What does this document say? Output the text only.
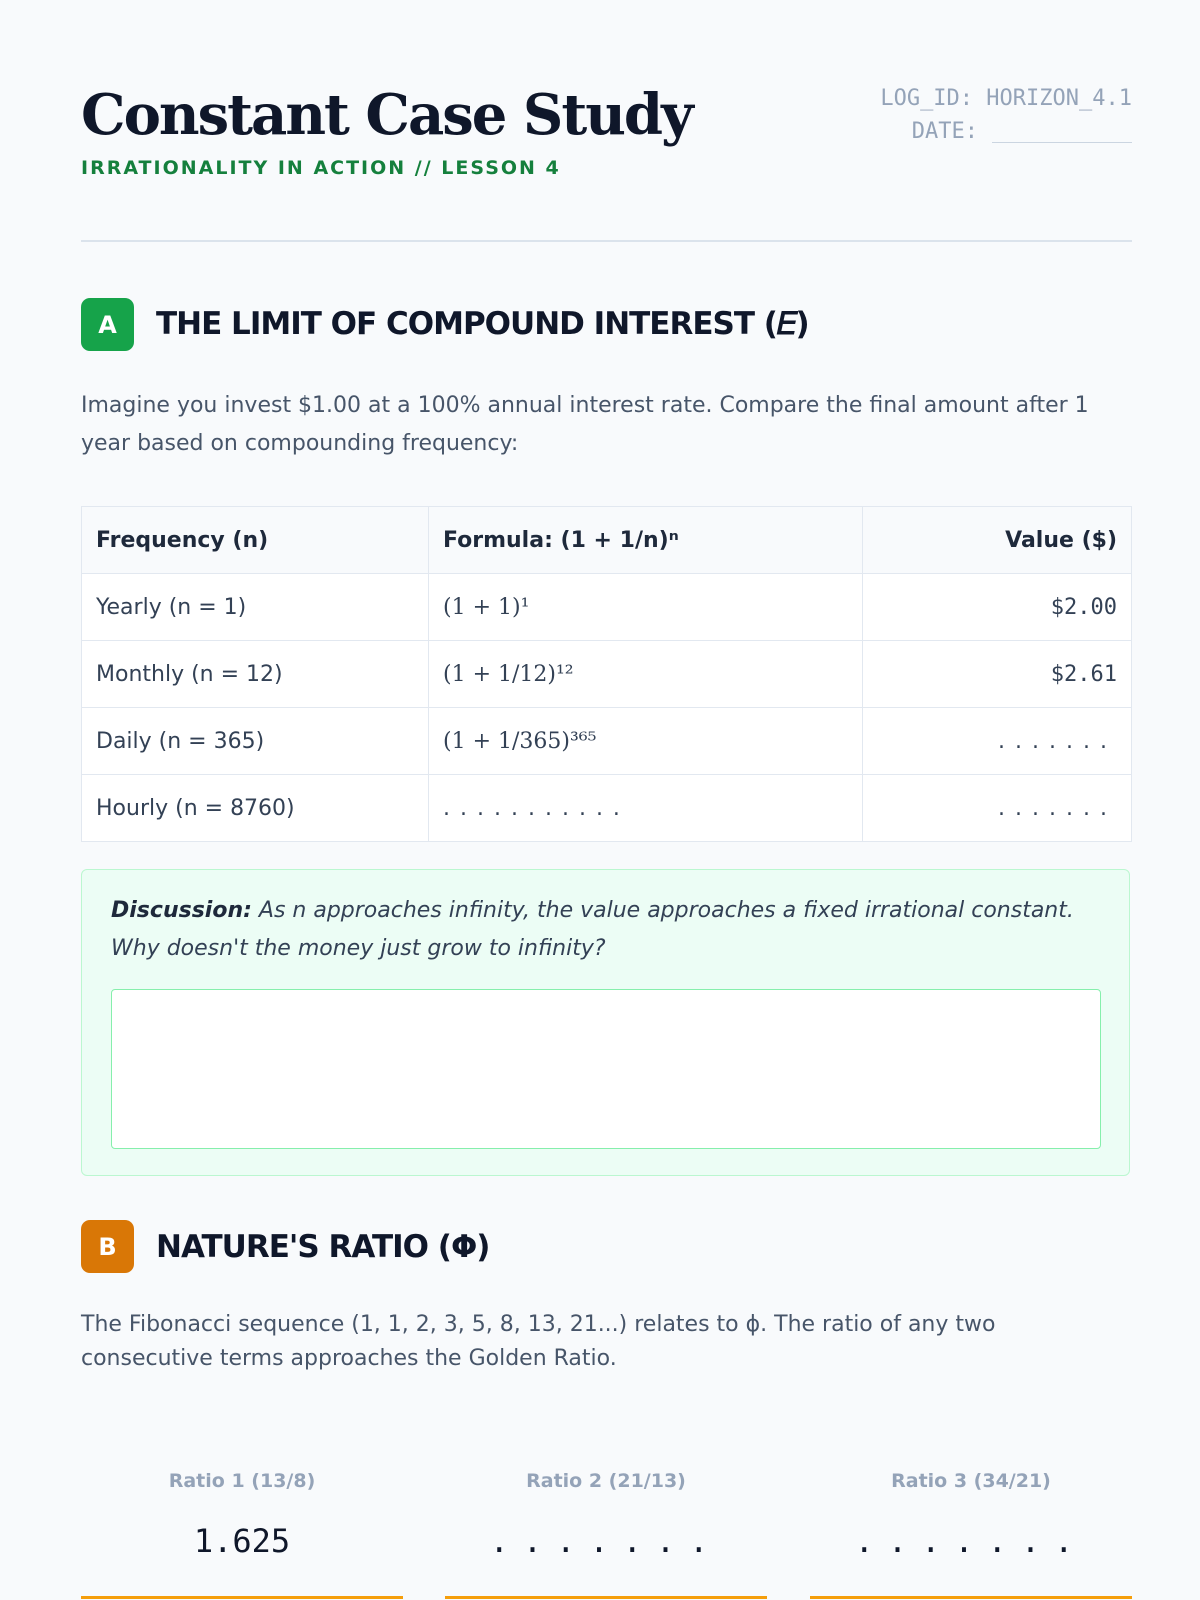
Constant Case Study
IRRATIONALITY IN ACTION // LESSON 4
LOG_ID: HORIZON_4.1
DATE:
A	THE LIMIT OF COMPOUND INTEREST (𝐸)
Imagine you invest $1.00 at a 100% annual interest rate. Compare the final amount after 1 year based on compounding frequency:
Frequency (n)	Formula: (1 + 1/n)ⁿ	Value ($)
Yearly (n = 1)	(1 + 1)¹	$2.00
Monthly (n = 12)	(1 + 1/12)¹²	$2.61
Daily (n = 365)	(1 + 1/365)³⁶⁵	.......
Hourly (n = 8760)	...........	.......
Discussion: As n approaches infinity, the value approaches a fixed irrational constant. Why doesn't the money just grow to infinity?
B	NATURE'S RATIO (Φ)
The Fibonacci sequence (1, 1, 2, 3, 5, 8, 13, 21...) relates to ϕ. The ratio of any two consecutive terms approaches the Golden Ratio.
Ratio 1 (13/8)
1.625
Ratio 2 (21/13)
.......
Ratio 3 (34/21)
.......
